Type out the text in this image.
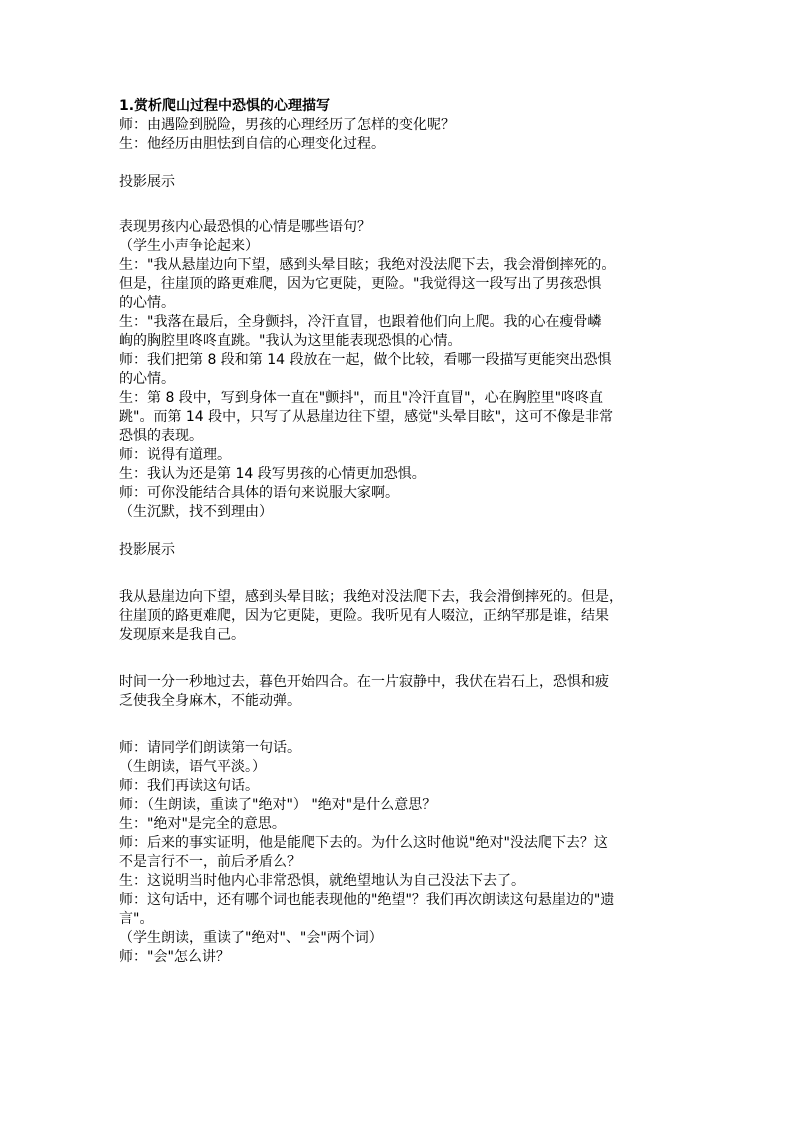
1.赏析爬山过程中恐惧的心理描写
师：由遇险到脱险，男孩的心理经历了怎样的变化呢？
生：他经历由胆怯到自信的心理变化过程。
投影展示
表现男孩内心最恐惧的心情是哪些语句？
（学生小声争论起来）
生："我从悬崖边向下望，感到头晕目眩；我绝对没法爬下去，我会滑倒摔死的。
但是，往崖顶的路更难爬，因为它更陡，更险。"我觉得这一段写出了男孩恐惧
的心情。
生："我落在最后，全身颤抖，冷汗直冒，也跟着他们向上爬。我的心在瘦骨嶙
峋的胸腔里咚咚直跳。"我认为这里能表现恐惧的心情。
师：我们把第 8 段和第 14 段放在一起，做个比较，看哪一段描写更能突出恐惧
的心情。
生：第 8 段中，写到身体一直在"颤抖"，而且"冷汗直冒"，心在胸腔里"咚咚直
跳"。而第 14 段中，只写了从悬崖边往下望，感觉"头晕目眩"，这可不像是非常
恐惧的表现。
师：说得有道理。
生：我认为还是第 14 段写男孩的心情更加恐惧。
师：可你没能结合具体的语句来说服大家啊。
（生沉默，找不到理由）
投影展示
我从悬崖边向下望，感到头晕目眩；我绝对没法爬下去，我会滑倒摔死的。但是，
往崖顶的路更难爬，因为它更陡，更险。我听见有人啜泣，正纳罕那是谁，结果
发现原来是我自己。
时间一分一秒地过去，暮色开始四合。在一片寂静中，我伏在岩石上，恐惧和疲
乏使我全身麻木，不能动弹。
师：请同学们朗读第一句话。
（生朗读，语气平淡。）
师：我们再读这句话。
师：（生朗读，重读了"绝对"） "绝对"是什么意思？
生："绝对"是完全的意思。
师：后来的事实证明，他是能爬下去的。为什么这时他说"绝对"没法爬下去？这
不是言行不一，前后矛盾么？
生：这说明当时他内心非常恐惧，就绝望地认为自己没法下去了。
师：这句话中，还有哪个词也能表现他的"绝望"？我们再次朗读这句悬崖边的"遗
言"。
（学生朗读，重读了"绝对"、"会"两个词）
师："会"怎么讲？
